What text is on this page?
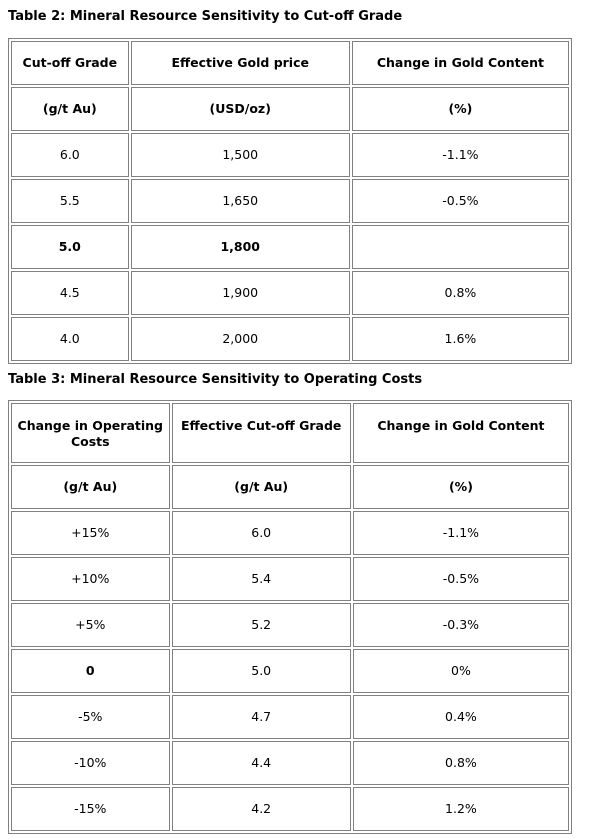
Table 2: Mineral Resource Sensitivity to Cut-off Grade
Cut-off Grade	Effective Gold price	Change in Gold Content
(g/t Au)	(USD/oz)	(%)
6.0	1,500	-1.1%
5.5	1,650	-0.5%
5.0	1,800	
4.5	1,900	0.8%
4.0	2,000	1.6%
Table 3: Mineral Resource Sensitivity to Operating Costs
Change in Operating Costs	Effective Cut-off Grade	Change in Gold Content
(g/t Au)	(g/t Au)	(%)
+15%	6.0	-1.1%
+10%	5.4	-0.5%
+5%	5.2	-0.3%
0	5.0	0%
-5%	4.7	0.4%
-10%	4.4	0.8%
-15%	4.2	1.2%
